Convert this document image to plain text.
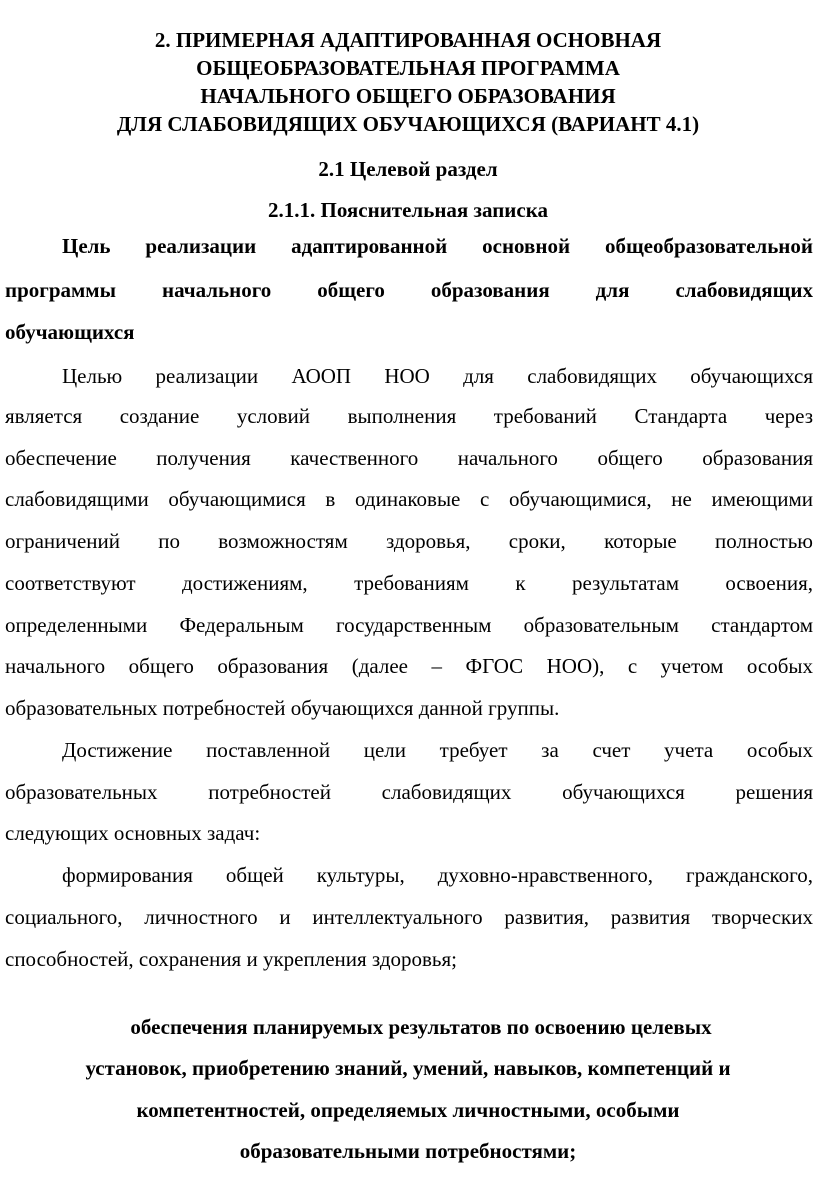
2. ПРИМЕРНАЯ АДАПТИРОВАННАЯ ОСНОВНАЯ
ОБЩЕОБРАЗОВАТЕЛЬНАЯ ПРОГРАММА
НАЧАЛЬНОГО ОБЩЕГО ОБРАЗОВАНИЯ
ДЛЯ СЛАБОВИДЯЩИХ ОБУЧАЮЩИХСЯ (ВАРИАНТ 4.1)
2.1 Целевой раздел
2.1.1. Пояснительная записка
Цель реализации адаптированной основной общеобразовательной
программы начального общего образования для слабовидящих
обучающихся
Целью реализации АООП НОО для слабовидящих обучающихся
является создание условий выполнения требований Стандарта через
обеспечение получения качественного начального общего образования
слабовидящими обучающимися в одинаковые с обучающимися, не имеющими
ограничений по возможностям здоровья, сроки, которые полностью
соответствуют достижениям, требованиям к результатам освоения,
определенными Федеральным государственным образовательным стандартом
начального общего образования (далее – ФГОС НОО), с учетом особых
образовательных потребностей обучающихся данной группы.
Достижение поставленной цели требует за счет учета особых
образовательных потребностей слабовидящих обучающихся решения
следующих основных задач:
формирования общей культуры, духовно-нравственного, гражданского,
социального, личностного и интеллектуального развития, развития творческих
способностей, сохранения и укрепления здоровья;
обеспечения планируемых результатов по освоению целевых
установок, приобретению знаний, умений, навыков, компетенций и
компетентностей, определяемых личностными, особыми
образовательными потребностями;
